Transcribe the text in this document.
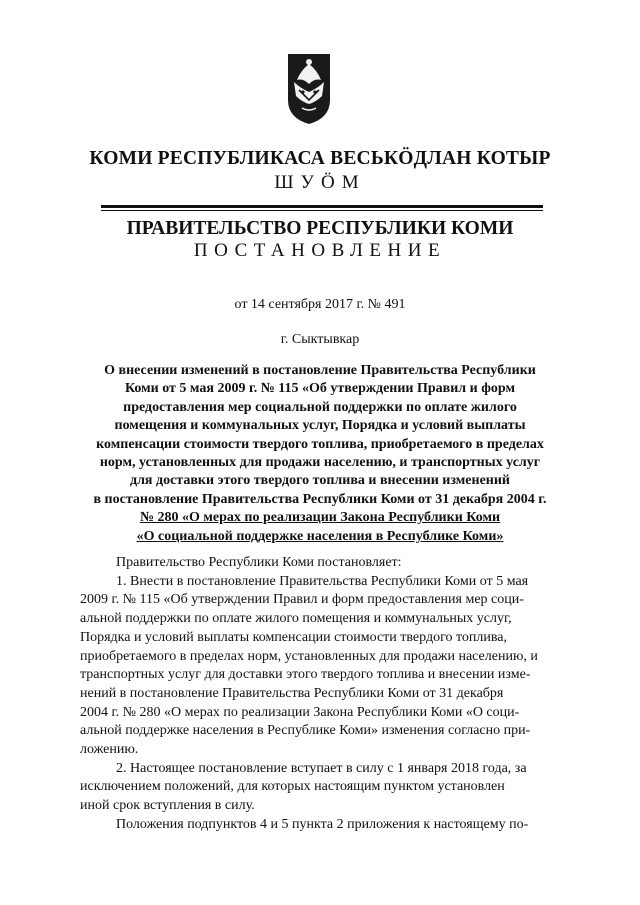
КОМИ РЕСПУБЛИКАСА ВЕСЬКӦДЛАН КОТЫР
ШУӦМ
ПРАВИТЕЛЬСТВО РЕСПУБЛИКИ КОМИ
ПОСТАНОВЛЕНИЕ
от 14 сентября 2017 г. № 491
г. Сыктывкар
О внесении изменений в постановление Правительства Республики
Коми от 5 мая 2009 г. № 115 «Об утверждении Правил и форм
предоставления мер социальной поддержки по оплате жилого
помещения и коммунальных услуг, Порядка и условий выплаты
компенсации стоимости твердого топлива, приобретаемого в пределах
норм, установленных для продажи населению, и транспортных услуг
для доставки этого твердого топлива и внесении изменений
в постановление Правительства Республики Коми от 31 декабря 2004 г.
№ 280 «О мерах по реализации Закона Республики Коми
«О социальной поддержке населения в Республике Коми»

Правительство Республики Коми постановляет:

1. Внести в постановление Правительства Республики Коми от 5 мая
2009 г. № 115 «Об утверждении Правил и форм предоставления мер соци-
альной поддержки по оплате жилого помещения и коммунальных услуг,
Порядка и условий выплаты компенсации стоимости твердого топлива,
приобретаемого в пределах норм, установленных для продажи населению, и
транспортных услуг для доставки этого твердого топлива и внесении изме-
нений в постановление Правительства Республики Коми от 31 декабря
2004 г. № 280 «О мерах по реализации Закона Республики Коми «О соци-
альной поддержке населения в Республике Коми» изменения согласно при-
ложению.

2. Настоящее постановление вступает в силу с 1 января 2018 года, за
исключением положений, для которых настоящим пунктом установлен
иной срок вступления в силу.

Положения подпунктов 4 и 5 пункта 2 приложения к настоящему по-
